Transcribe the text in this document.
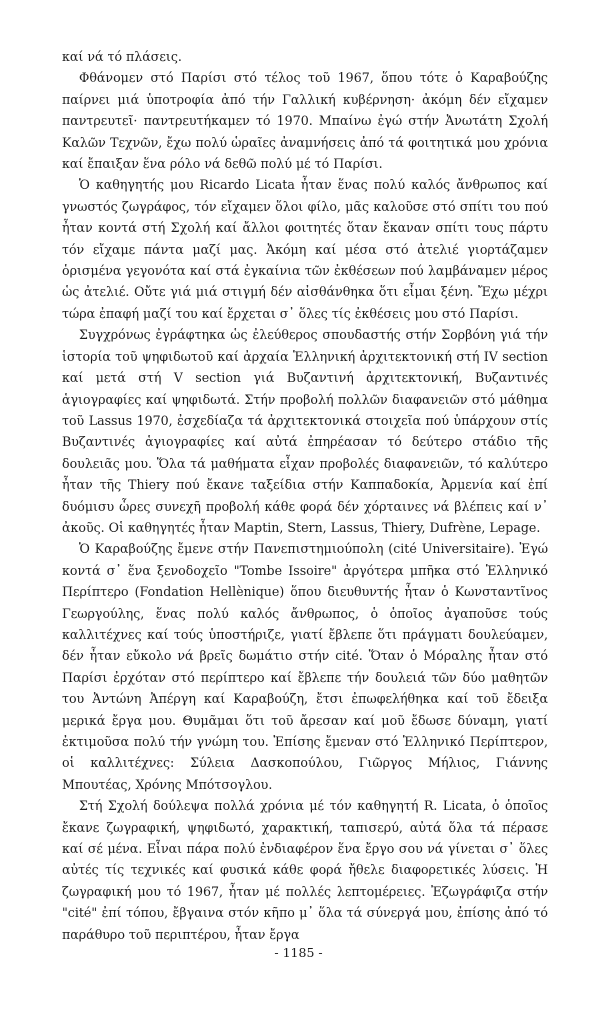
καί νά τό πλάσεις.

Φθάνομεν στό Παρίσι στό τέλος τοῦ 1967, ὅπου τότε ὁ Καραβούζης παίρνει μιά ὑποτροφία ἀπό τήν Γαλλική κυβέρνηση· ἀκόμη δέν εἴχαμεν παντρευτεῖ· παντρευτήκαμεν τό 1970. Μπαίνω ἐγώ στήν Ἀνωτάτη Σχολή Καλῶν Τεχνῶν, ἔχω πολύ ὡραῖες ἀναμνήσεις ἀπό τά φοιτητικά μου χρόνια καί ἔπαιξαν ἕνα ρόλο νά δεθῶ πολύ μέ τό Παρίσι.

Ὁ καθηγητής μου Ricardo Licata ἦταν ἕνας πολύ καλός ἄνθρωπος καί γνωστός ζωγράφος, τόν εἴχαμεν ὅλοι φίλο, μᾶς καλοῦσε στό σπίτι του πού ἦταν κοντά στή Σχολή καί ἄλλοι φοιτητές ὅταν ἔκαναν σπίτι τους πάρτυ τόν εἴχαμε πάντα μαζί μας. Ἀκόμη καί μέσα στό ἀτελιέ γιορτάζαμεν ὁρισμένα γεγονότα καί στά ἐγκαίνια τῶν ἐκθέσεων πού λαμβάναμεν μέρος ὡς ἀτελιέ. Οὔτε γιά μιά στιγμή δέν αἰσθάνθηκα ὅτι εἶμαι ξένη. Ἔχω μέχρι τώρα ἐπαφή μαζί του καί ἔρχεται σ᾿ ὅλες τίς ἐκθέσεις μου στό Παρίσι.

Συγχρόνως ἐγράφτηκα ὡς ἐλεύθερος σπουδαστής στήν Σορβόνη γιά τήν ἱστορία τοῦ ψηφιδωτοῦ καί ἀρχαία Ἑλληνική ἀρχιτεκτονική στή IV section καί μετά στή V section γιά Βυζαντινή ἀρχιτεκτονική, Βυζαντινές ἁγιογραφίες καί ψηφιδωτά. Στήν προβολή πολλῶν διαφανειῶν στό μάθημα τοῦ Lassus 1970, ἐσχεδίαζα τά ἀρχιτεκτονικά στοιχεῖα πού ὑπάρχουν στίς Βυζαντινές ἁγιογραφίες καί αὐτά ἐπηρέασαν τό δεύτερο στάδιο τῆς δουλειᾶς μου. Ὅλα τά μαθήματα εἶχαν προβολές διαφανειῶν, τό καλύτερο ἦταν τῆς Thiery πού ἔκανε ταξείδια στήν Καππαδοκία, Ἀρμενία καί ἐπί δυόμισυ ὧρες συνεχῆ προβολή κάθε φορά δέν χόρταινες νά βλέπεις καί ν᾿ ἀκοῦς. Οἱ καθηγητές ἦταν Maptin, Stern, Lassus, Thiery, Dufrène, Lepage.

Ὁ Καραβούζης ἔμενε στήν Πανεπιστημιούπολη (cité Universitaire). Ἐγώ κοντά σ᾿ ἕνα ξενοδοχεῖο "Tombe Issoire" ἀργότερα μπῆκα στό Ἑλληνικό Περίπτερο (Fondation Hellènique) ὅπου διευθυντής ἦταν ὁ Κωνσταντῖνος Γεωργούλης, ἕνας πολύ καλός ἄνθρωπος, ὁ ὁποῖος ἀγαποῦσε τούς καλλιτέχνες καί τούς ὑποστήριζε, γιατί ἔβλεπε ὅτι πράγματι δουλεύαμεν, δέν ἦταν εὔκολο νά βρεῖς δωμάτιο στήν cité. Ὅταν ὁ Μόραλης ἦταν στό Παρίσι ἐρχόταν στό περίπτερο καί ἔβλεπε τήν δουλειά τῶν δύο μαθητῶν του Ἀντώνη Ἀπέργη καί Καραβούζη, ἔτσι ἐπωφελήθηκα καί τοῦ ἔδειξα μερικά ἔργα μου. Θυμᾶμαι ὅτι τοῦ ἄρεσαν καί μοῦ ἔδωσε δύναμη, γιατί ἐκτιμοῦσα πολύ τήν γνώμη του. Ἐπίσης ἔμεναν στό Ἑλληνικό Περίπτερον, οἱ καλλιτέχνες: Σύλεια Δασκοπούλου, Γιῶργος Μήλιος, Γιάννης Μπουτέας, Χρόνης Μπότσογλου.

Στή Σχολή δούλεψα πολλά χρόνια μέ τόν καθηγητή R. Licata, ὁ ὁποῖος ἔκανε ζωγραφική, ψηφιδωτό, χαρακτική, ταπισερύ, αὐτά ὅλα τά πέρασε καί σέ μένα. Εἶναι πάρα πολύ ἐνδιαφέρον ἕνα ἔργο σου νά γίνεται σ᾿ ὅλες αὐτές τίς τεχνικές καί φυσικά κάθε φορά ἤθελε διαφορετικές λύσεις. Ἡ ζωγραφική μου τό 1967, ἦταν μέ πολλές λεπτομέρειες. Ἐζωγράφιζα στήν "cité" ἐπί τόπου, ἔβγαινα στόν κῆπο μ᾿ ὅλα τά σύνεργά μου, ἐπίσης ἀπό τό παράθυρο τοῦ περιπτέρου, ἦταν ἔργα

- 1185 -
